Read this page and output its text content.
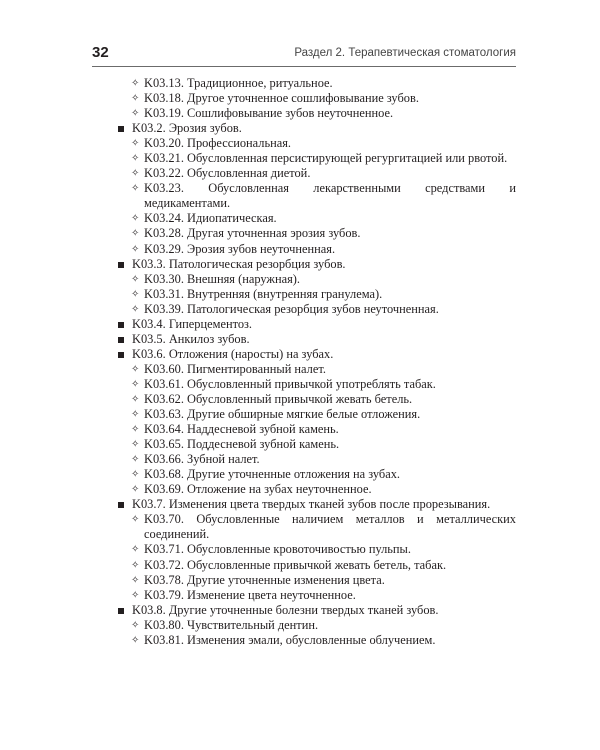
32	Раздел 2. Терапевтическая стоматология
✧ K03.13. Традиционное, ритуальное.
✧ K03.18. Другое уточненное сошлифовывание зубов.
✧ K03.19. Сошлифовывание зубов неуточненное.
K03.2. Эрозия зубов.
✧ K03.20. Профессиональная.
✧ K03.21. Обусловленная персистирующей регургитацией или рвотой.
✧ K03.22. Обусловленная диетой.
✧ K03.23. Обусловленная лекарственными средствами и медикаментами.
✧ K03.24. Идиопатическая.
✧ K03.28. Другая уточненная эрозия зубов.
✧ K03.29. Эрозия зубов неуточненная.
K03.3. Патологическая резорбция зубов.
✧ K03.30. Внешняя (наружная).
✧ K03.31. Внутренняя (внутренняя гранулема).
✧ K03.39. Патологическая резорбция зубов неуточненная.
K03.4. Гиперцементоз.
K03.5. Анкилоз зубов.
K03.6. Отложения (наросты) на зубах.
✧ K03.60. Пигментированный налет.
✧ K03.61. Обусловленный привычкой употреблять табак.
✧ K03.62. Обусловленный привычкой жевать бетель.
✧ K03.63. Другие обширные мягкие белые отложения.
✧ K03.64. Наддесневой зубной камень.
✧ K03.65. Поддесневой зубной камень.
✧ K03.66. Зубной налет.
✧ K03.68. Другие уточненные отложения на зубах.
✧ K03.69. Отложение на зубах неуточненное.
K03.7. Изменения цвета твердых тканей зубов после прорезывания.
✧ K03.70. Обусловленные наличием металлов и металлических соединений.
✧ K03.71. Обусловленные кровоточивостью пульпы.
✧ K03.72. Обусловленные привычкой жевать бетель, табак.
✧ K03.78. Другие уточненные изменения цвета.
✧ K03.79. Изменение цвета неуточненное.
K03.8. Другие уточненные болезни твердых тканей зубов.
✧ K03.80. Чувствительный дентин.
✧ K03.81. Изменения эмали, обусловленные облучением.
